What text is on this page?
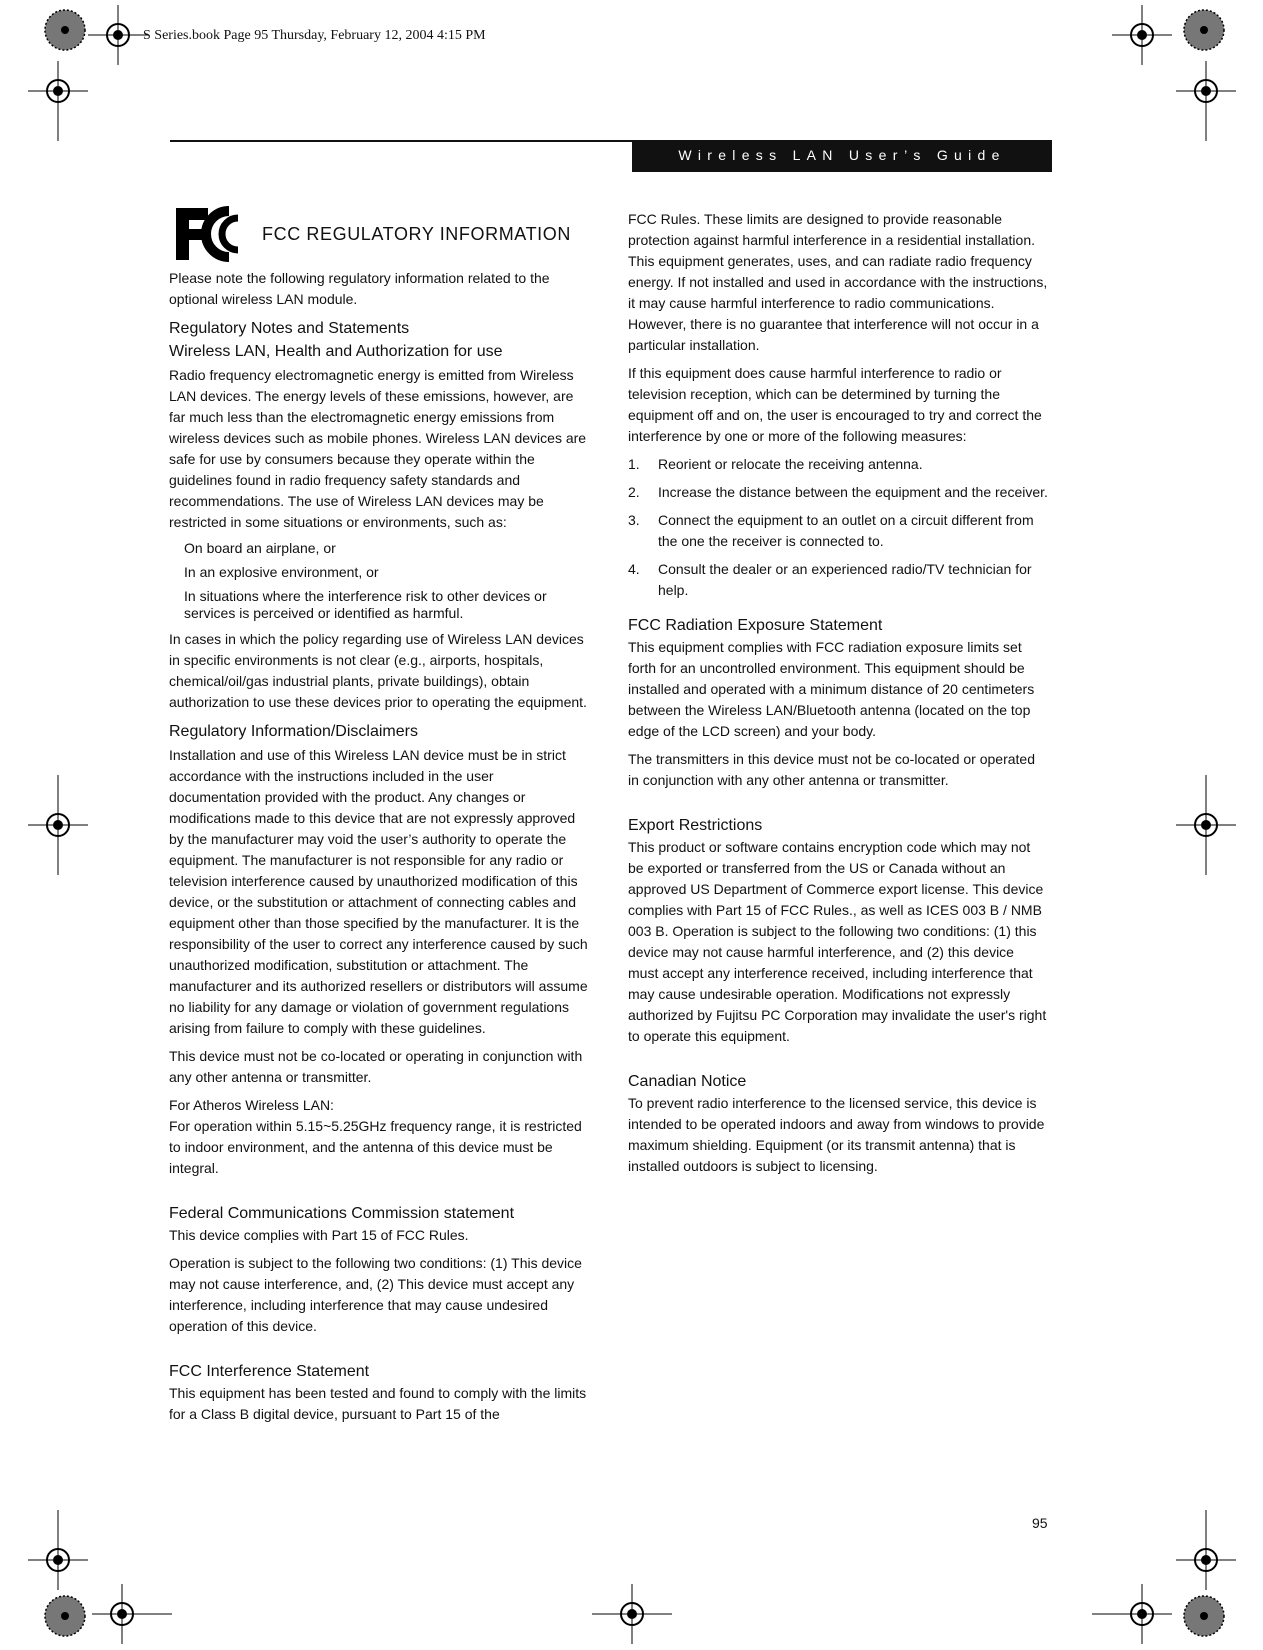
S Series.book Page 95 Thursday, February 12, 2004 4:15 PM
Wireless LAN User’s Guide
FCC REGULATORY INFORMATION

Please note the following regulatory information related to the optional wireless LAN module.

Regulatory Notes and Statements
Wireless LAN, Health and Authorization for use

Radio frequency electromagnetic energy is emitted from Wireless LAN devices. The energy levels of these emissions, however, are far much less than the electromagnetic energy emissions from wireless devices such as mobile phones. Wireless LAN devices are safe for use by consumers because they operate within the guidelines found in radio frequency safety standards and recommendations. The use of Wireless LAN devices may be restricted in some situations or environments, such as:

On board an airplane, or

In an explosive environment, or

In situations where the interference risk to other devices or services is perceived or identified as harmful.

In cases in which the policy regarding use of Wireless LAN devices in specific environments is not clear (e.g., airports, hospitals, chemical/oil/gas industrial plants, private buildings), obtain authorization to use these devices prior to operating the equipment.

Regulatory Information/Disclaimers

Installation and use of this Wireless LAN device must be in strict accordance with the instructions included in the user documentation provided with the product. Any changes or modifications made to this device that are not expressly approved by the manufacturer may void the user’s authority to operate the equipment. The manufacturer is not responsible for any radio or television interference caused by unauthorized modification of this device, or the substitution or attachment of connecting cables and equipment other than those specified by the manufacturer. It is the responsibility of the user to correct any interference caused by such unauthorized modification, substitution or attachment. The manufacturer and its authorized resellers or distributors will assume no liability for any damage or violation of government regulations arising from failure to comply with these guidelines.

This device must not be co-located or operating in conjunction with any other antenna or transmitter.

For Atheros Wireless LAN:

For operation within 5.15~5.25GHz frequency range, it is restricted to indoor environment, and the antenna of this device must be integral.

Federal Communications Commission statement

This device complies with Part 15 of FCC Rules.

Operation is subject to the following two conditions: (1) This device may not cause interference, and, (2) This device must accept any interference, including interference that may cause undesired operation of this device.

FCC Interference Statement

This equipment has been tested and found to comply with the limits for a Class B digital device, pursuant to Part 15 of the

FCC Rules. These limits are designed to provide reasonable protection against harmful interference in a residential installation. This equipment generates, uses, and can radiate radio frequency energy. If not installed and used in accordance with the instructions, it may cause harmful interference to radio communications. However, there is no guarantee that interference will not occur in a particular installation.

If this equipment does cause harmful interference to radio or television reception, which can be determined by turning the equipment off and on, the user is encouraged to try and correct the interference by one or more of the following measures:

1. Reorient or relocate the receiving antenna.
2. Increase the distance between the equipment and the receiver.
3. Connect the equipment to an outlet on a circuit different from the one the receiver is connected to.
4. Consult the dealer or an experienced radio/TV technician for help.
FCC Radiation Exposure Statement

This equipment complies with FCC radiation exposure limits set forth for an uncontrolled environment. This equipment should be installed and operated with a minimum distance of 20 centimeters between the Wireless LAN/Bluetooth antenna (located on the top edge of the LCD screen) and your body.

The transmitters in this device must not be co-located or operated in conjunction with any other antenna or transmitter.

Export Restrictions

This product or software contains encryption code which may not be exported or transferred from the US or Canada without an approved US Department of Commerce export license. This device complies with Part 15 of FCC Rules., as well as ICES 003 B / NMB 003 B. Operation is subject to the following two conditions: (1) this device may not cause harmful interference, and (2) this device must accept any interference received, including interference that may cause undesirable operation. Modifications not expressly authorized by Fujitsu PC Corporation may invalidate the user's right to operate this equipment.

Canadian Notice

To prevent radio interference to the licensed service, this device is intended to be operated indoors and away from windows to provide maximum shielding. Equipment (or its transmit antenna) that is installed outdoors is subject to licensing.

95
